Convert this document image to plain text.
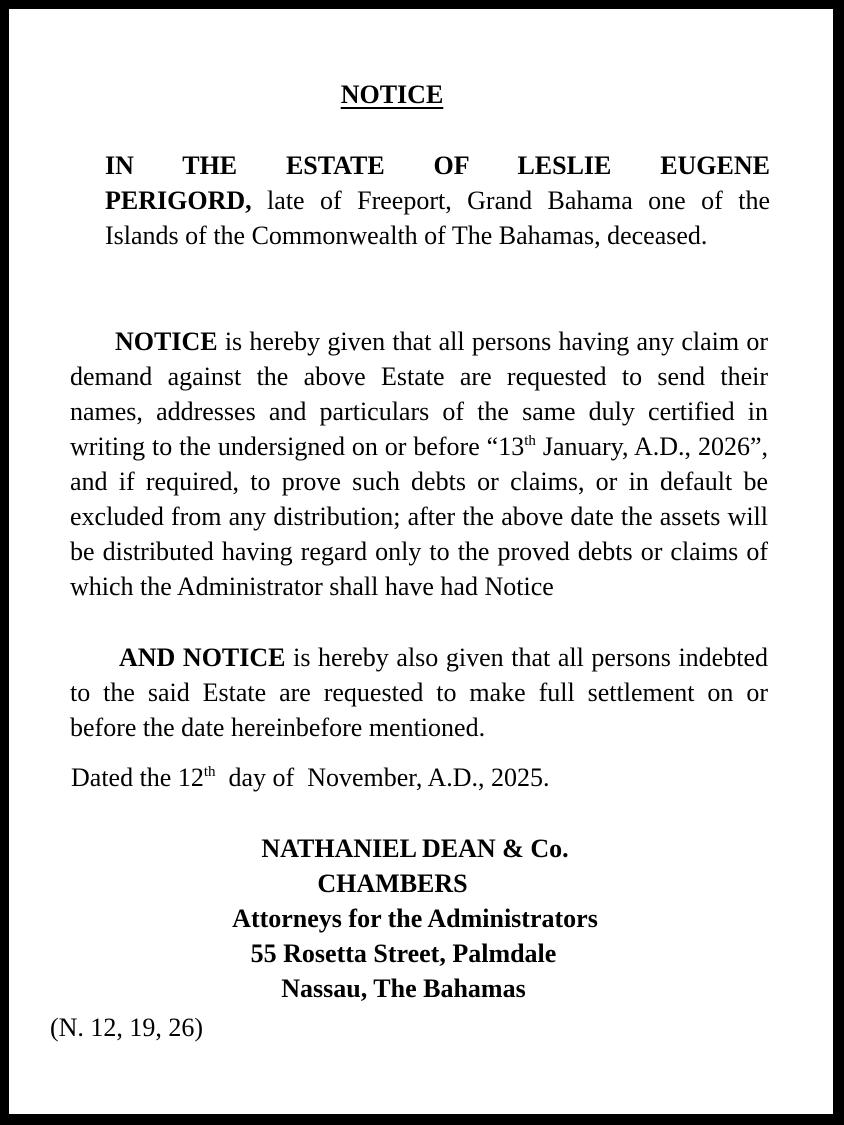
NOTICE

IN THE ESTATE OF LESLIE EUGENE PERIGORD, late of Freeport, Grand Bahama one of the Islands of the Commonwealth of The Bahamas, deceased.

NOTICE is hereby given that all persons having any claim or demand against the above Estate are requested to send their names, addresses and particulars of the same duly certified in writing to the undersigned on or before “13th January, A.D., 2026”, and if required, to prove such debts or claims, or in default be excluded from any distribution; after the above date the assets will be distributed having regard only to the proved debts or claims of which the Administrator shall have had Notice

AND NOTICE is hereby also given that all persons indebted to the said Estate are requested to make full settlement on or before the date hereinbefore mentioned.

Dated the 12th  day of  November, A.D., 2025.
NATHANIEL DEAN & Co.
CHAMBERS
Attorneys for the Administrators
55 Rosetta Street, Palmdale
Nassau, The Bahamas
(N. 12, 19, 26)
